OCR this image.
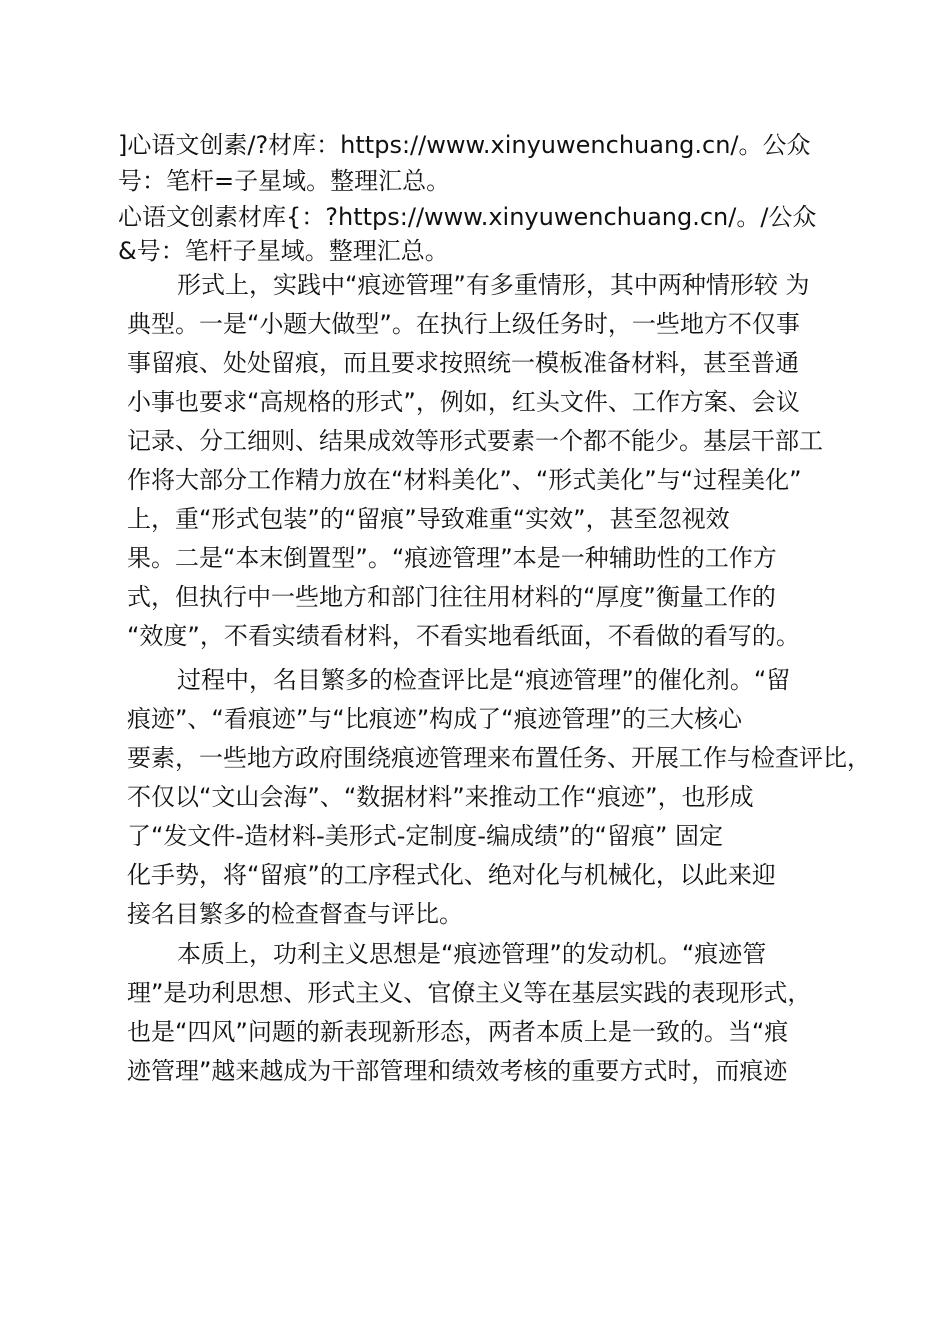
]心语文创素/?材库：https://www.xinyuwenchuang.cn/。公众
号：笔杆=子星域。整理汇总。
心语文创素材库{：?https://www.xinyuwenchuang.cn/。/公众
&号：笔杆子星域。整理汇总。
形式上，实践中“痕迹管理”有多重情形，其中两种情形较 为
典型。一是“小题大做型”。在执行上级任务时，一些地方不仅事
事留痕、处处留痕，而且要求按照统一模板准备材料，甚至普通
小事也要求“高规格的形式”，例如，红头文件、工作方案、会议
记录、分工细则、结果成效等形式要素一个都不能少。基层干部工
作将大部分工作精力放在“材料美化”、“形式美化”与“过程美化”
上，重“形式包装”的“留痕”导致难重“实效”，甚至忽视效
果。二是“本末倒置型”。“痕迹管理”本是一种辅助性的工作方
式，但执行中一些地方和部门往往用材料的“厚度”衡量工作的
“效度”，不看实绩看材料，不看实地看纸面，不看做的看写的。
过程中，名目繁多的检查评比是“痕迹管理”的催化剂。“留
痕迹”、“看痕迹”与“比痕迹”构成了“痕迹管理”的三大核心
要素，一些地方政府围绕痕迹管理来布置任务、开展工作与检查评比，
不仅以“文山会海”、“数据材料”来推动工作“痕迹”，也形成
了“发文件-造材料-美形式-定制度-编成绩”的“留痕” 固定
化手势，将“留痕”的工序程式化、绝对化与机械化，以此来迎
接名目繁多的检查督查与评比。
本质上，功利主义思想是“痕迹管理”的发动机。“痕迹管
理”是功利思想、形式主义、官僚主义等在基层实践的表现形式，
也是“四风”问题的新表现新形态，两者本质上是一致的。当“痕
迹管理”越来越成为干部管理和绩效考核的重要方式时，而痕迹
